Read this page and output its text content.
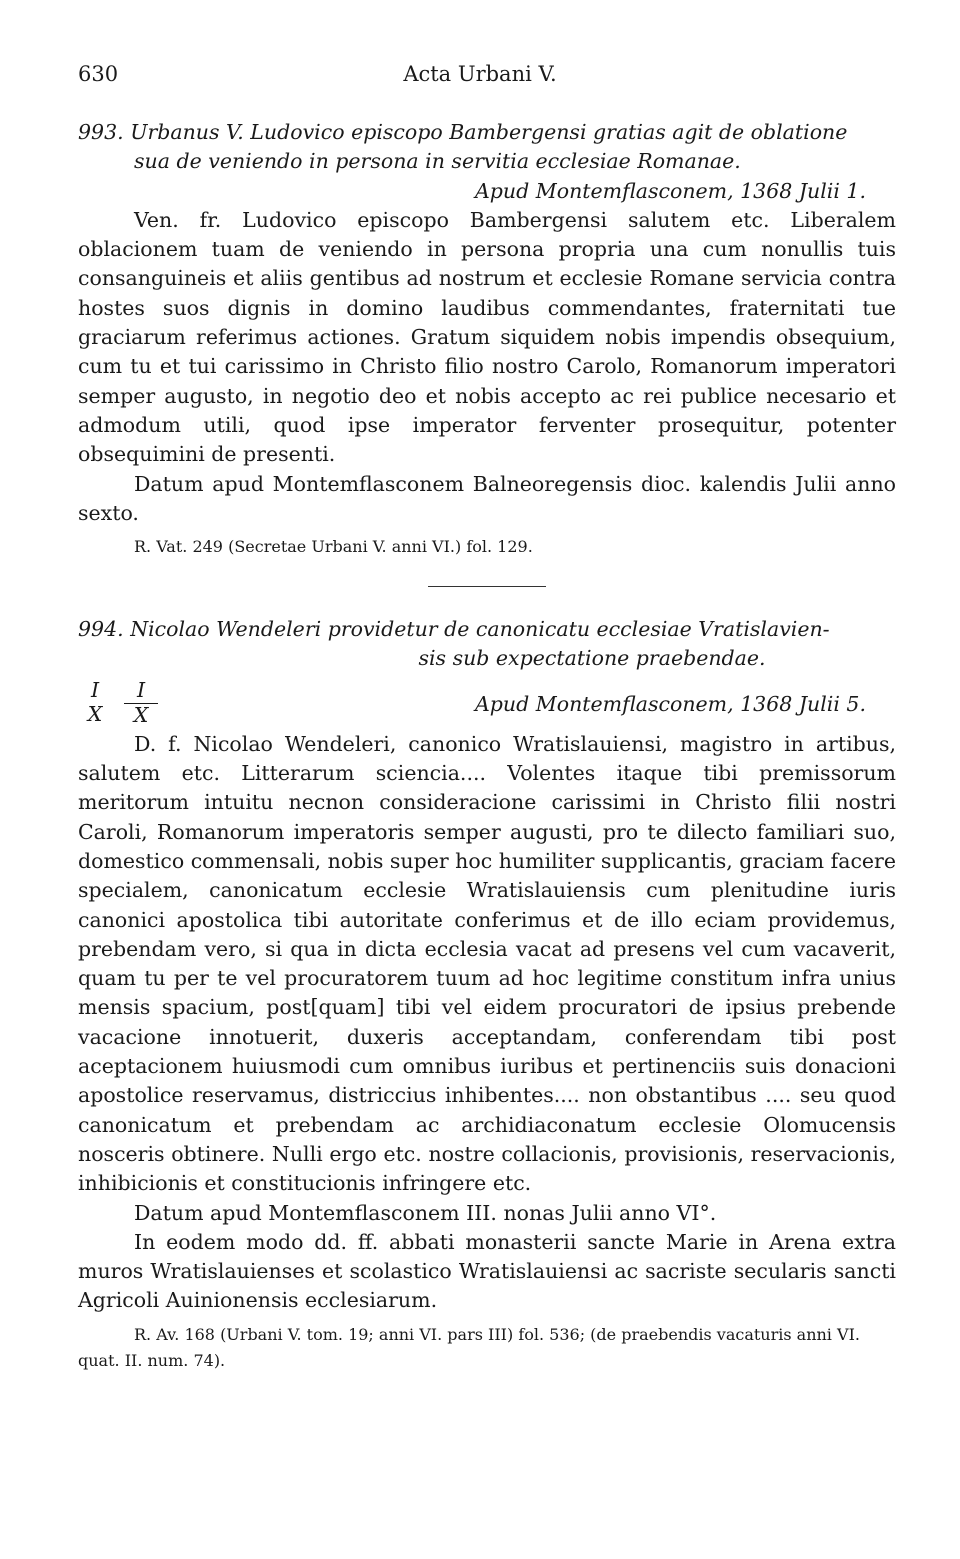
630	Acta Urbani V.
993. Urbanus V. Ludovico episcopo Bambergensi gratias agit de oblatione
sua de veniendo in persona in servitia ecclesiae Romanae.
Apud Montemflasconem, 1368 Julii 1.

Ven. fr. Ludovico episcopo Bambergensi salutem etc. Liberalem oblacionem tuam de veniendo in persona propria una cum nonullis tuis consanguineis et aliis gentibus ad nostrum et ecclesie Romane servicia contra hostes suos dignis in domino laudibus commendantes, fraternitati tue graciarum referimus actiones. Gratum siquidem nobis impendis obsequium, cum tu et tui carissimo in Christo filio nostro Carolo, Romanorum imperatori semper augusto, in negotio deo et nobis accepto ac rei publice necesario et admodum utili, quod ipse imperator ferventer prosequitur, potenter obsequimini de presenti.

Datum apud Montemflasconem Balneoregensis dioc. kalendis Julii anno sexto.

R. Vat. 249 (Secretae Urbani V. anni VI.) fol. 129.
994. Nicolao Wendeleri providetur de canonicatu ecclesiae Vratislavien-
sis sub expectatione praebendae.
I
X
I
X	Apud Montemflasconem, 1368 Julii 5.

D. f. Nicolao Wendeleri, canonico Wratislauiensi, magistro in artibus, salutem etc. Litterarum sciencia.... Volentes itaque tibi premissorum meritorum intuitu necnon consideracione carissimi in Christo filii nostri Caroli, Romanorum imperatoris semper augusti, pro te dilecto familiari suo, domestico commensali, nobis super hoc humiliter supplicantis, graciam facere specialem, canonicatum ecclesie Wratislauiensis cum plenitudine iuris canonici apostolica tibi autoritate conferimus et de illo eciam providemus, prebendam vero, si qua in dicta ecclesia vacat ad presens vel cum vacaverit, quam tu per te vel procuratorem tuum ad hoc legitime constitum infra unius mensis spacium, post[quam] tibi vel eidem procuratori de ipsius prebende vacacione innotuerit, duxeris acceptandam, conferendam tibi post aceptacionem huiusmodi cum omnibus iuribus et pertinenciis suis donacioni apostolice reservamus, districcius inhibentes.... non obstantibus .... seu quod canonicatum et prebendam ac archidiaconatum ecclesie Olomucensis nosceris obtinere. Nulli ergo etc. nostre collacionis, provisionis, reservacionis, inhibicionis et constitucionis infringere etc.

Datum apud Montemflasconem III. nonas Julii anno VI°.

In eodem modo dd. ff. abbati monasterii sancte Marie in Arena extra muros Wratislauienses et scolastico Wratislauiensi ac sacriste secularis sancti Agricoli Auinionensis ecclesiarum.

R. Av. 168 (Urbani V. tom. 19; anni VI. pars III) fol. 536; (de praebendis vacaturis anni VI. quat. II. num. 74).
